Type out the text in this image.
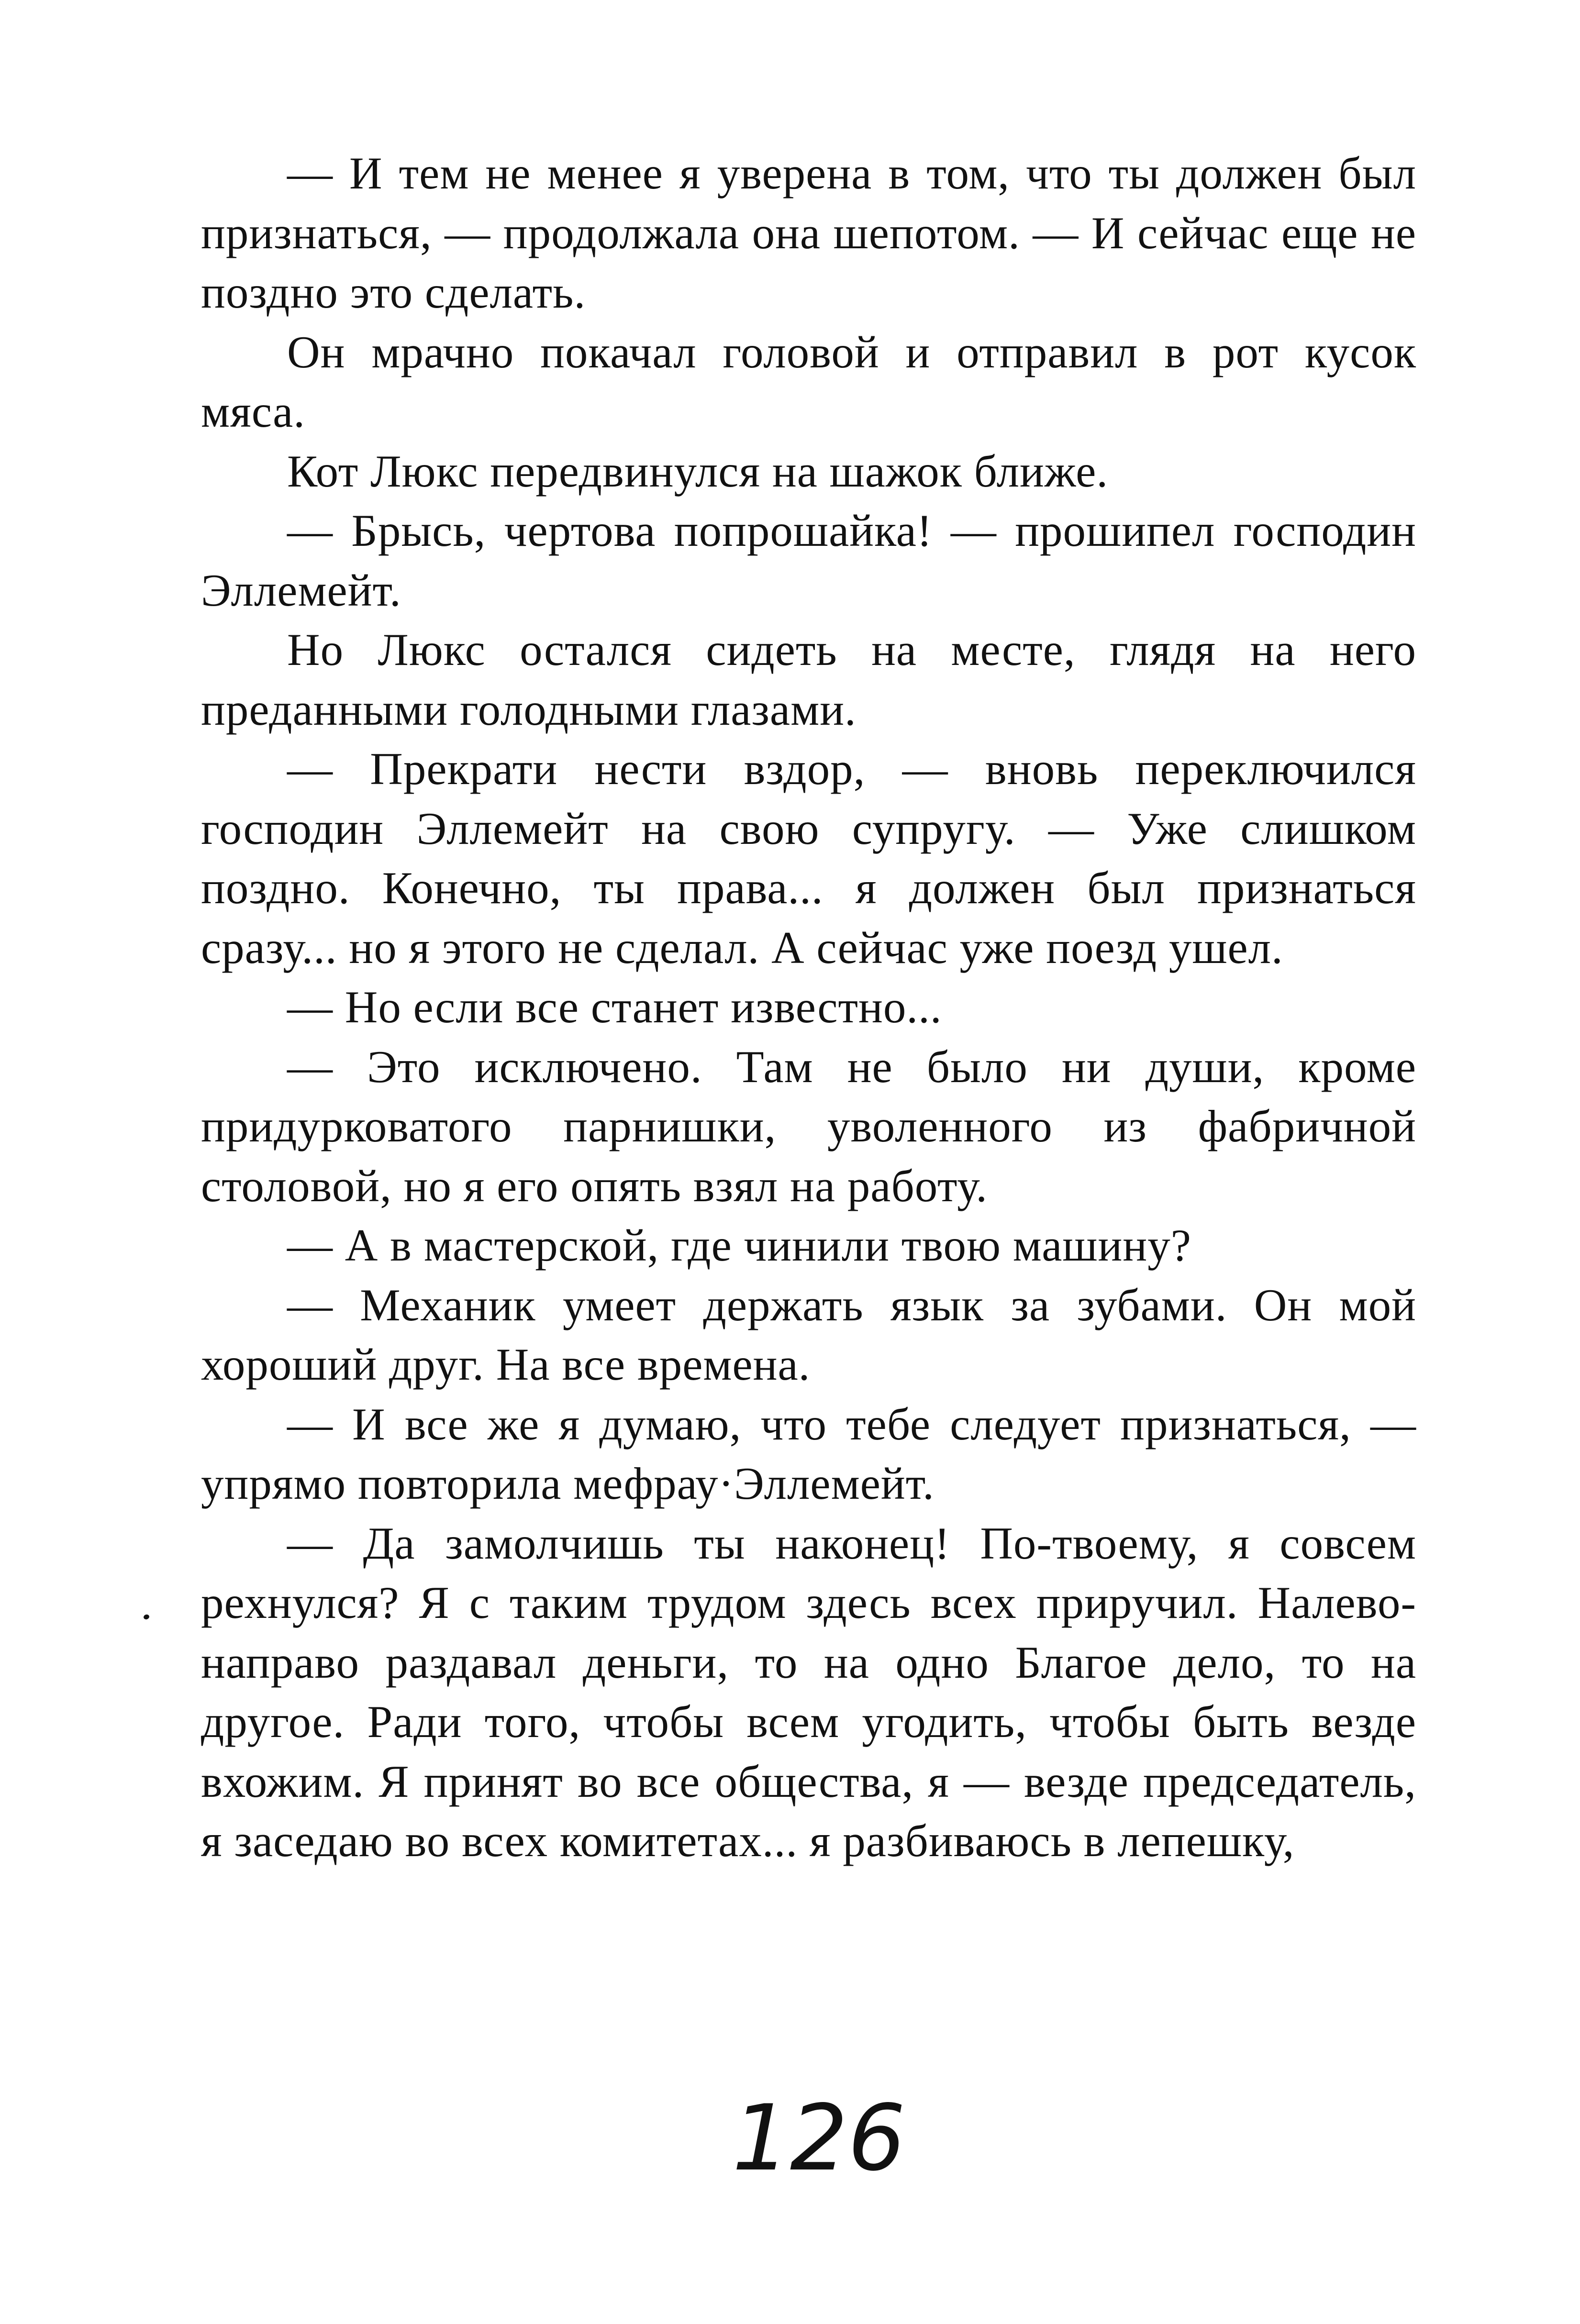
— И тем не менее я уверена в том, что ты должен был признаться, — продолжала она шепотом. — И сейчас еще не поздно это сделать.

Он мрачно покачал головой и отправил в рот кусок мяса.

Кот Люкс передвинулся на шажок ближе.

— Брысь, чертова попрошайка! — прошипел господин Эллемейт.

Но Люкс остался сидеть на месте, глядя на него преданными голодными глазами.

— Прекрати нести вздор, — вновь переключился господин Эллемейт на свою супругу. — Уже слишком поздно. Конечно, ты права... я должен был признаться сразу... но я этого не сделал. А сейчас уже поезд ушел.

— Но если все станет известно...

— Это исключено. Там не было ни души, кроме придурковатого парнишки, уволенного из фабричной столовой, но я его опять взял на работу.

— А в мастерской, где чинили твою машину?

— Механик умеет держать язык за зубами. Он мой хороший друг. На все времена.

— И все же я думаю, что тебе следует признаться, — упрямо повторила мефрау·Эллемейт.

— Да замолчишь ты наконец! По-твоему, я совсем рехнулся? Я с таким трудом здесь всех приручил. Налево-направо раздавал деньги, то на одно Благое дело, то на другое. Ради того, чтобы всем угодить, чтобы быть везде вхожим. Я принят во все общества, я — везде председатель, я заседаю во всех комитетах... я разбиваюсь в лепешку,

126
